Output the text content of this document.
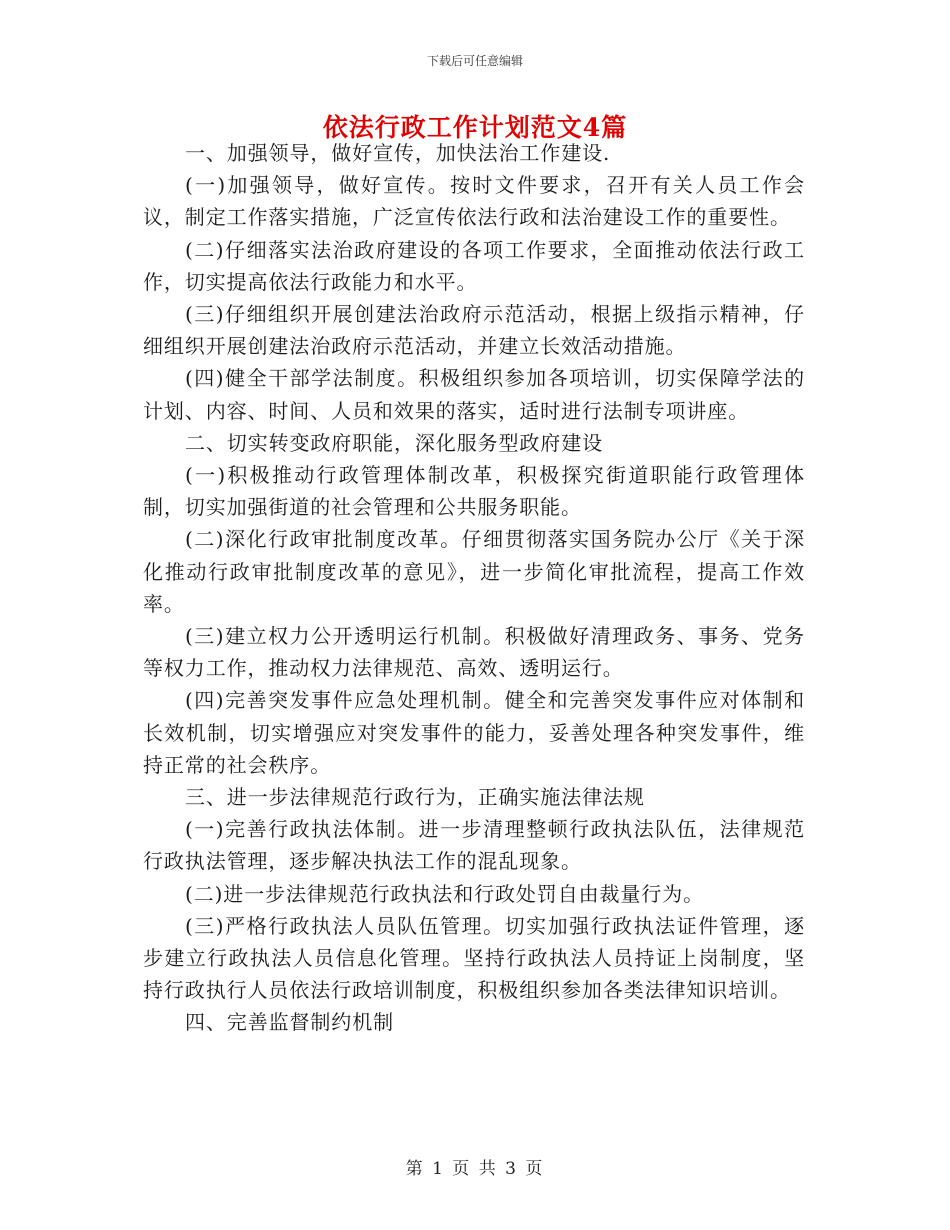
下载后可任意编辑
依法行政工作计划范文4篇

一、加强领导，做好宣传，加快法治工作建设.

(一)加强领导，做好宣传。按时文件要求，召开有关人员工作会议，制定工作落实措施，广泛宣传依法行政和法治建设工作的重要性。

(二)仔细落实法治政府建设的各项工作要求，全面推动依法行政工作，切实提高依法行政能力和水平。

(三)仔细组织开展创建法治政府示范活动，根据上级指示精神，仔细组织开展创建法治政府示范活动，并建立长效活动措施。

(四)健全干部学法制度。积极组织参加各项培训，切实保障学法的计划、内容、时间、人员和效果的落实，适时进行法制专项讲座。

二、切实转变政府职能，深化服务型政府建设

(一)积极推动行政管理体制改革，积极探究街道职能行政管理体制，切实加强街道的社会管理和公共服务职能。

(二)深化行政审批制度改革。仔细贯彻落实国务院办公厅《关于深化推动行政审批制度改革的意见》，进一步简化审批流程，提高工作效率。

(三)建立权力公开透明运行机制。积极做好清理政务、事务、党务等权力工作，推动权力法律规范、高效、透明运行。

(四)完善突发事件应急处理机制。健全和完善突发事件应对体制和长效机制，切实增强应对突发事件的能力，妥善处理各种突发事件，维持正常的社会秩序。

三、进一步法律规范行政行为，正确实施法律法规

(一)完善行政执法体制。进一步清理整顿行政执法队伍，法律规范行政执法管理，逐步解决执法工作的混乱现象。

(二)进一步法律规范行政执法和行政处罚自由裁量行为。

(三)严格行政执法人员队伍管理。切实加强行政执法证件管理，逐步建立行政执法人员信息化管理。坚持行政执法人员持证上岗制度，坚持行政执行人员依法行政培训制度，积极组织参加各类法律知识培训。

四、完善监督制约机制

第 1 页 共 3 页
